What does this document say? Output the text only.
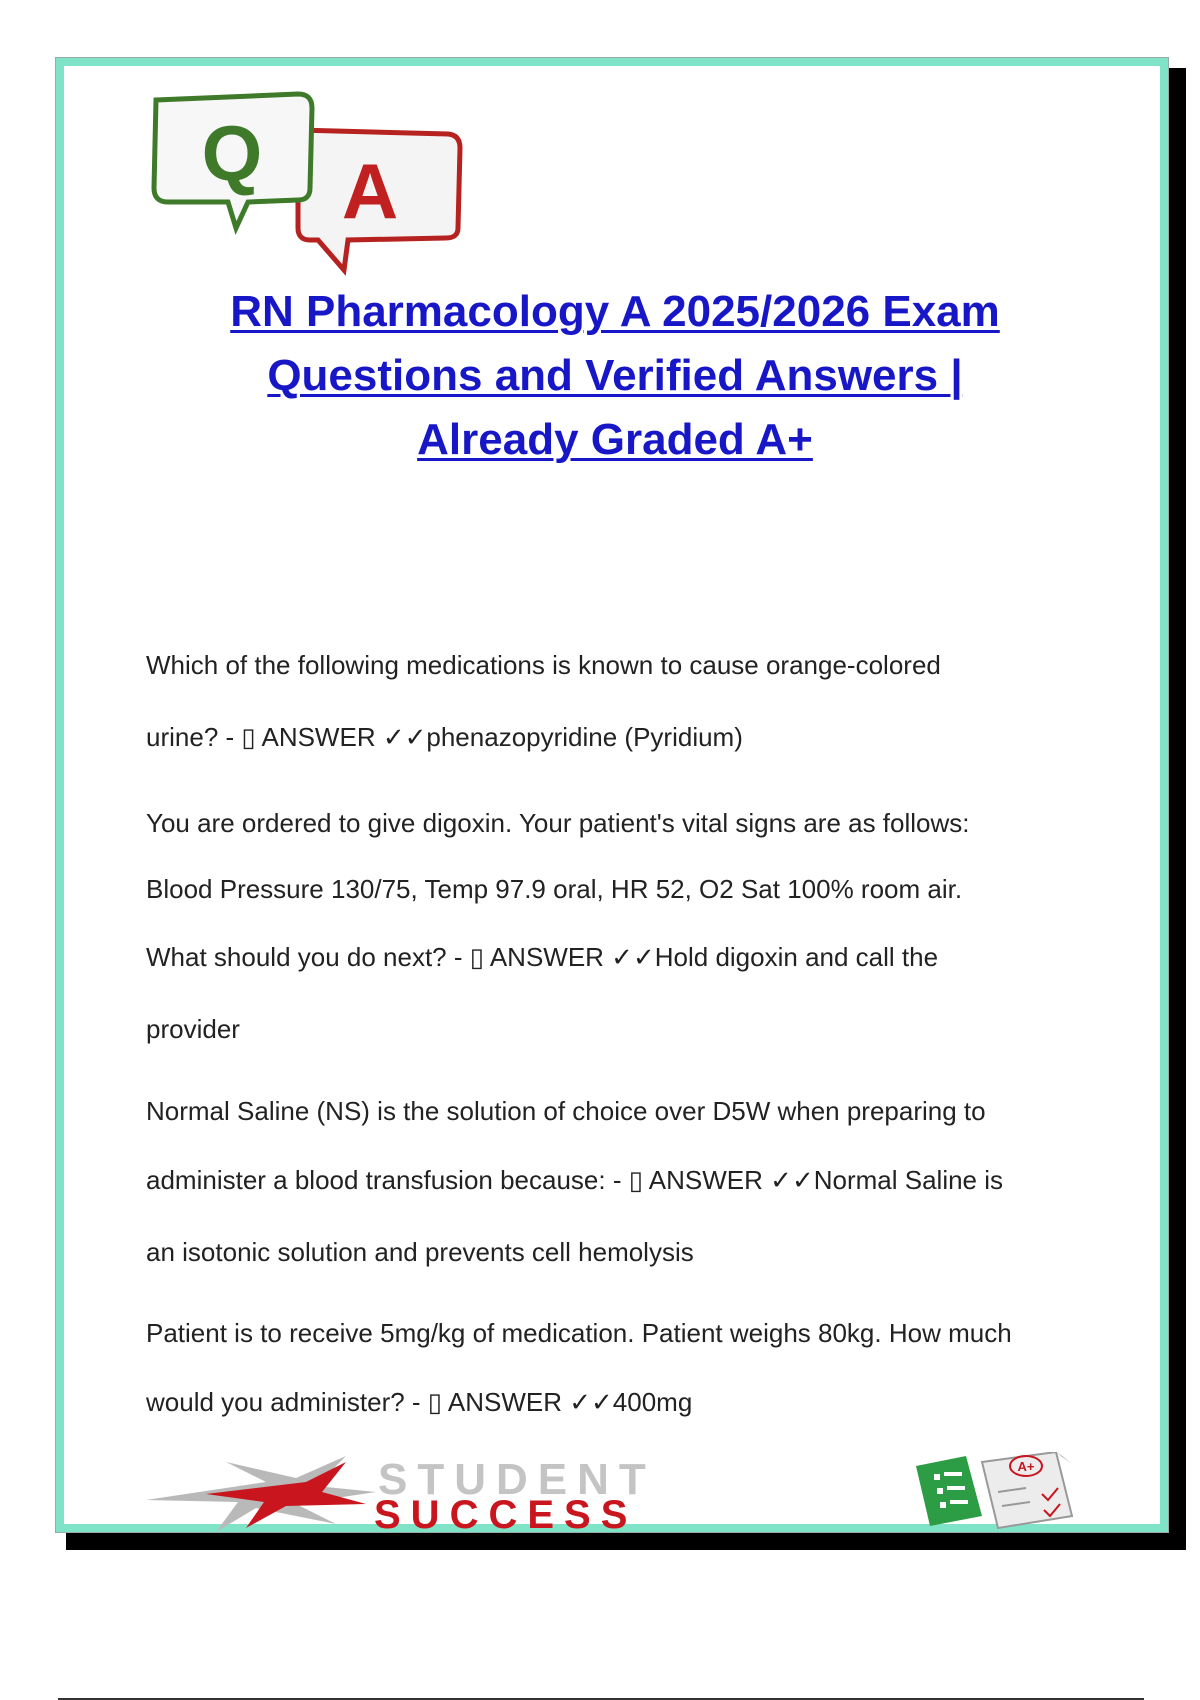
A
Q
RN Pharmacology A 2025/2026 Exam
Questions and Verified Answers |
Already Graded A+
Which of the following medications is known to cause orange-colored
urine? - ▯ ANSWER ✓✓phenazopyridine (Pyridium)
You are ordered to give digoxin. Your patient's vital signs are as follows:
Blood Pressure 130/75, Temp 97.9 oral, HR 52, O2 Sat 100% room air.
What should you do next? - ▯ ANSWER ✓✓Hold digoxin and call the
provider
Normal Saline (NS) is the solution of choice over D5W when preparing to
administer a blood transfusion because: - ▯ ANSWER ✓✓Normal Saline is
an isotonic solution and prevents cell hemolysis
Patient is to receive 5mg/kg of medication. Patient weighs 80kg. How much
would you administer? - ▯ ANSWER ✓✓400mg
STUDENT
SUCCESS
A+
